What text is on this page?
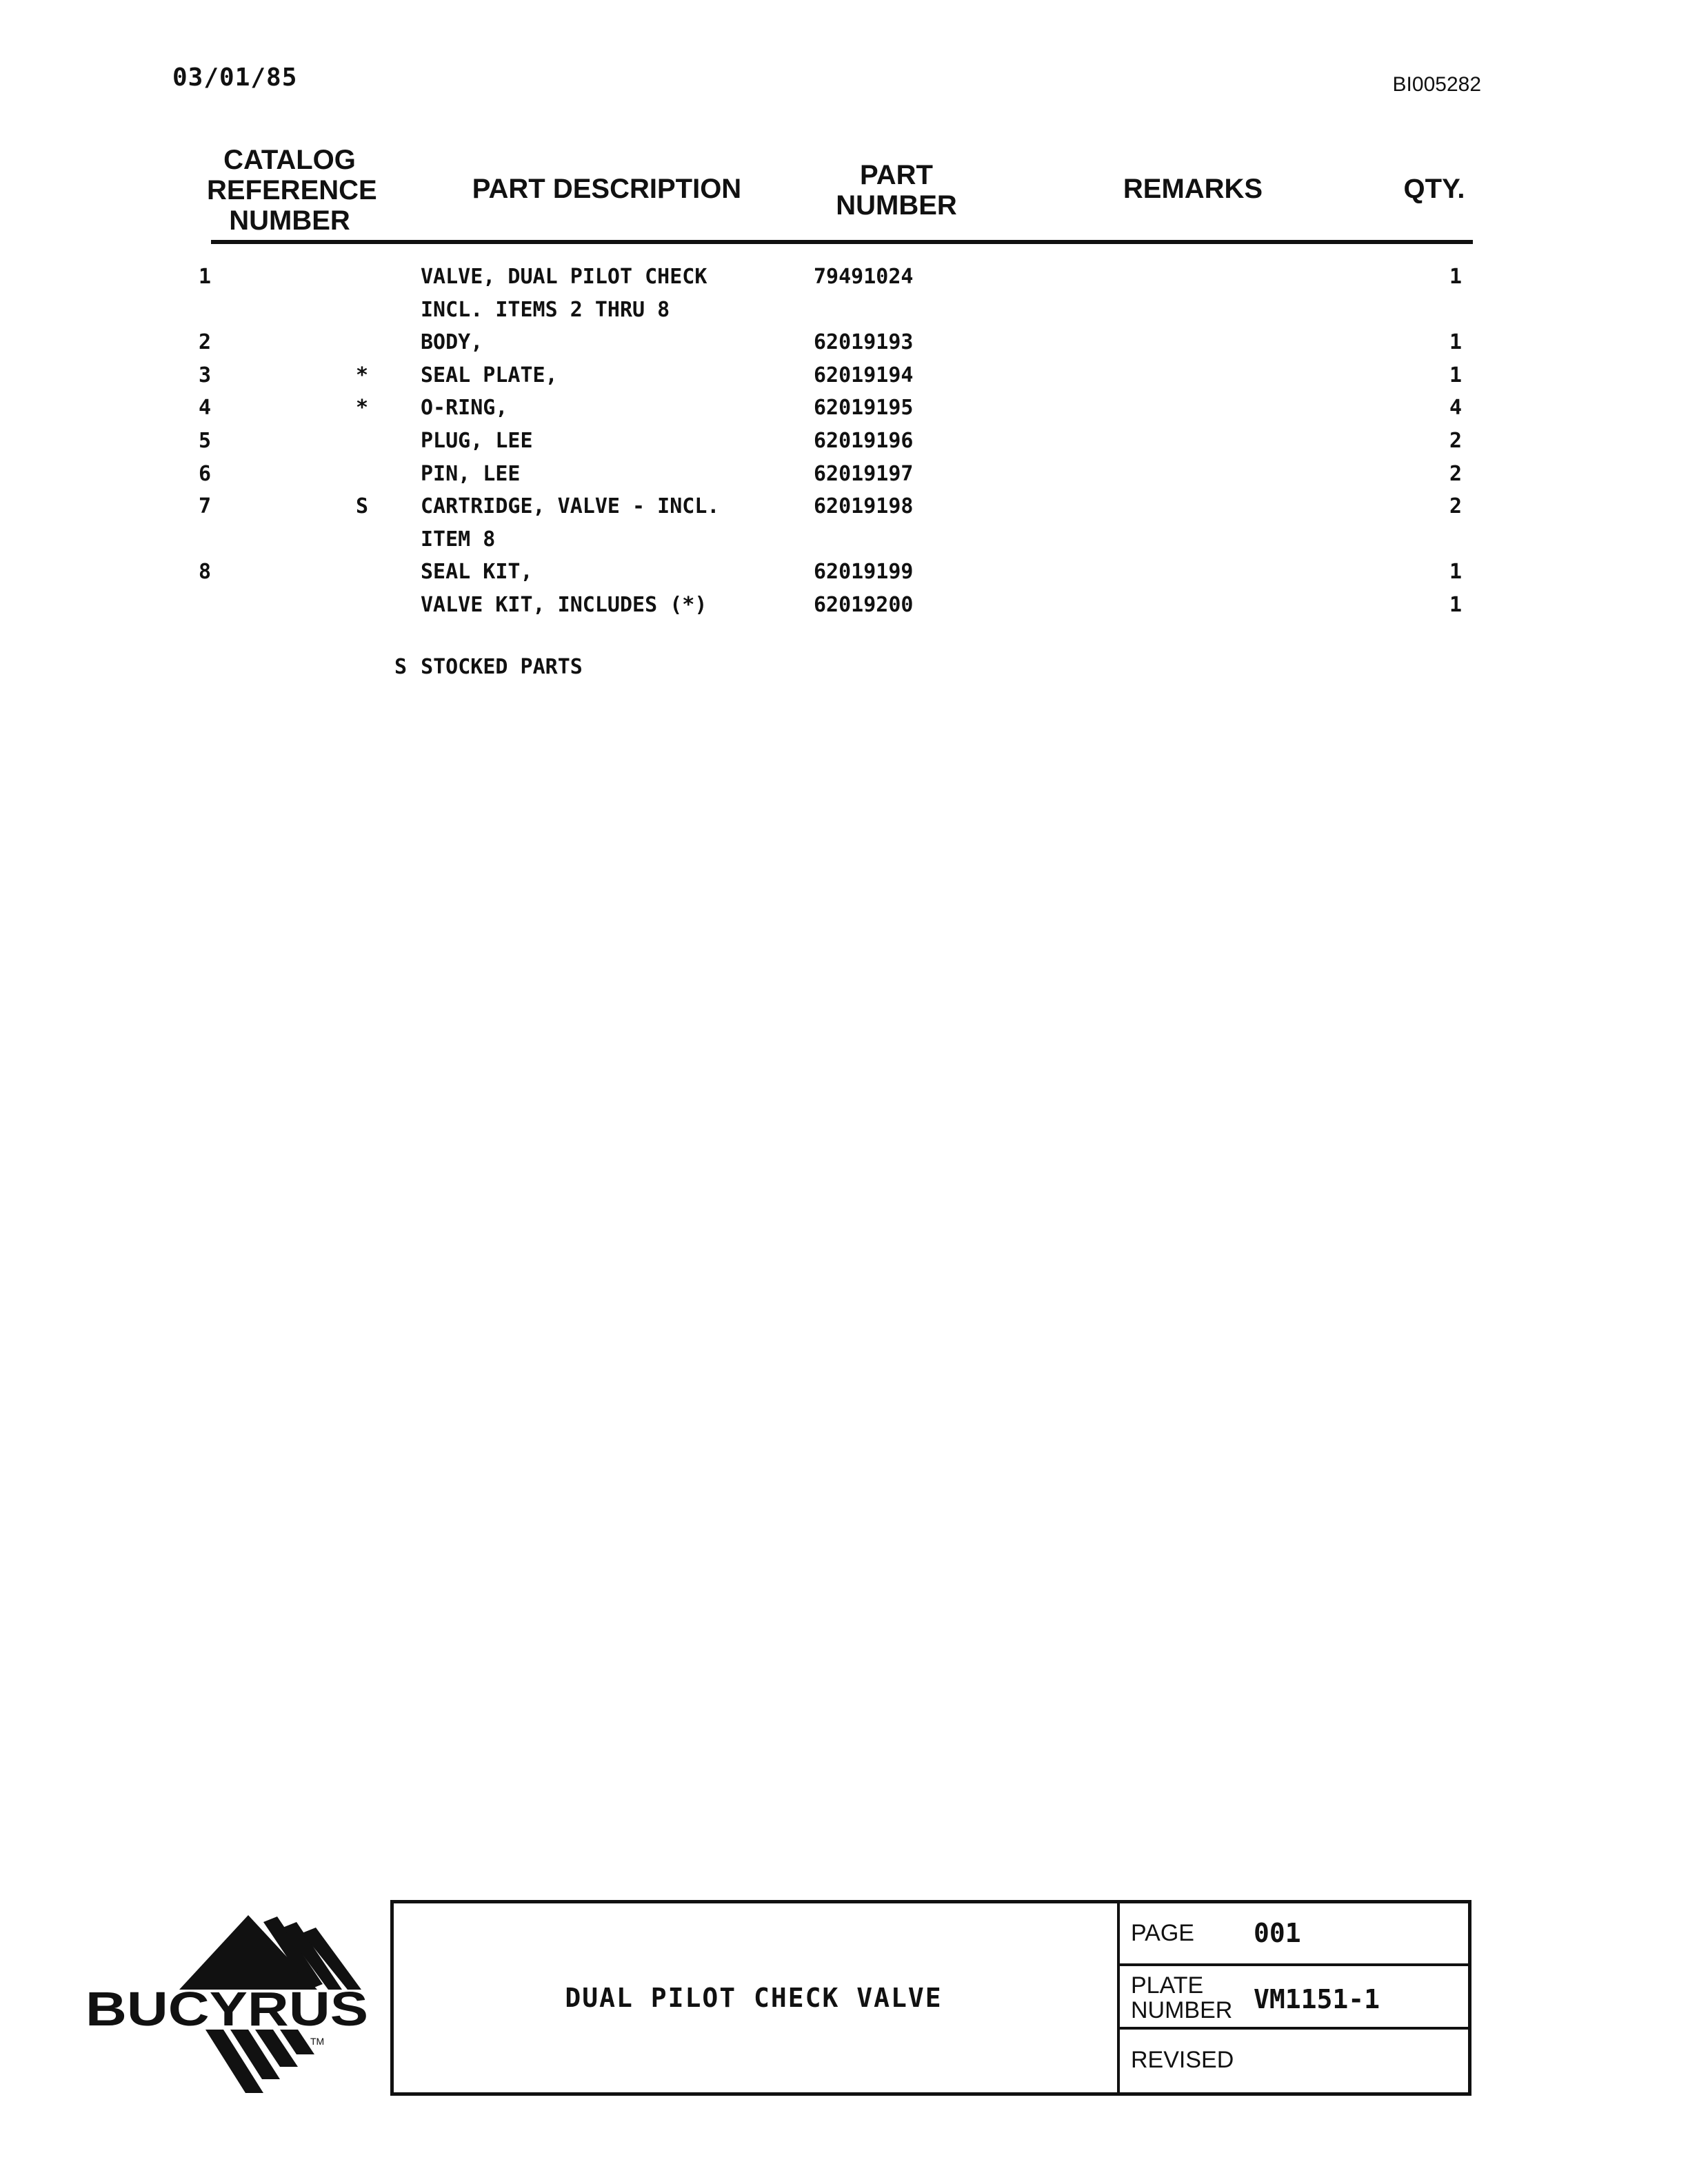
03/01/85	BI005282
CATALOG
REFERENCE
NUMBER
PART DESCRIPTION	PART
NUMBER
REMARKS	QTY.
1	VALVE, DUAL PILOT CHECK	79491024	1
INCL. ITEMS 2 THRU 8
2	BODY,	62019193	1
3	*	SEAL PLATE,	62019194	1
4	*	O-RING,	62019195	4
5	PLUG, LEE	62019196	2
6	PIN, LEE	62019197	2
7	S	CARTRIDGE, VALVE - INCL.	62019198	2
ITEM 8
8	SEAL KIT,	62019199	1
VALVE KIT, INCLUDES (*)	62019200	1
S STOCKED PARTS
BUCYRUS
TM
DUAL PILOT CHECK VALVE
PAGE 001
PLATE
NUMBER VM1151-1
REVISED
